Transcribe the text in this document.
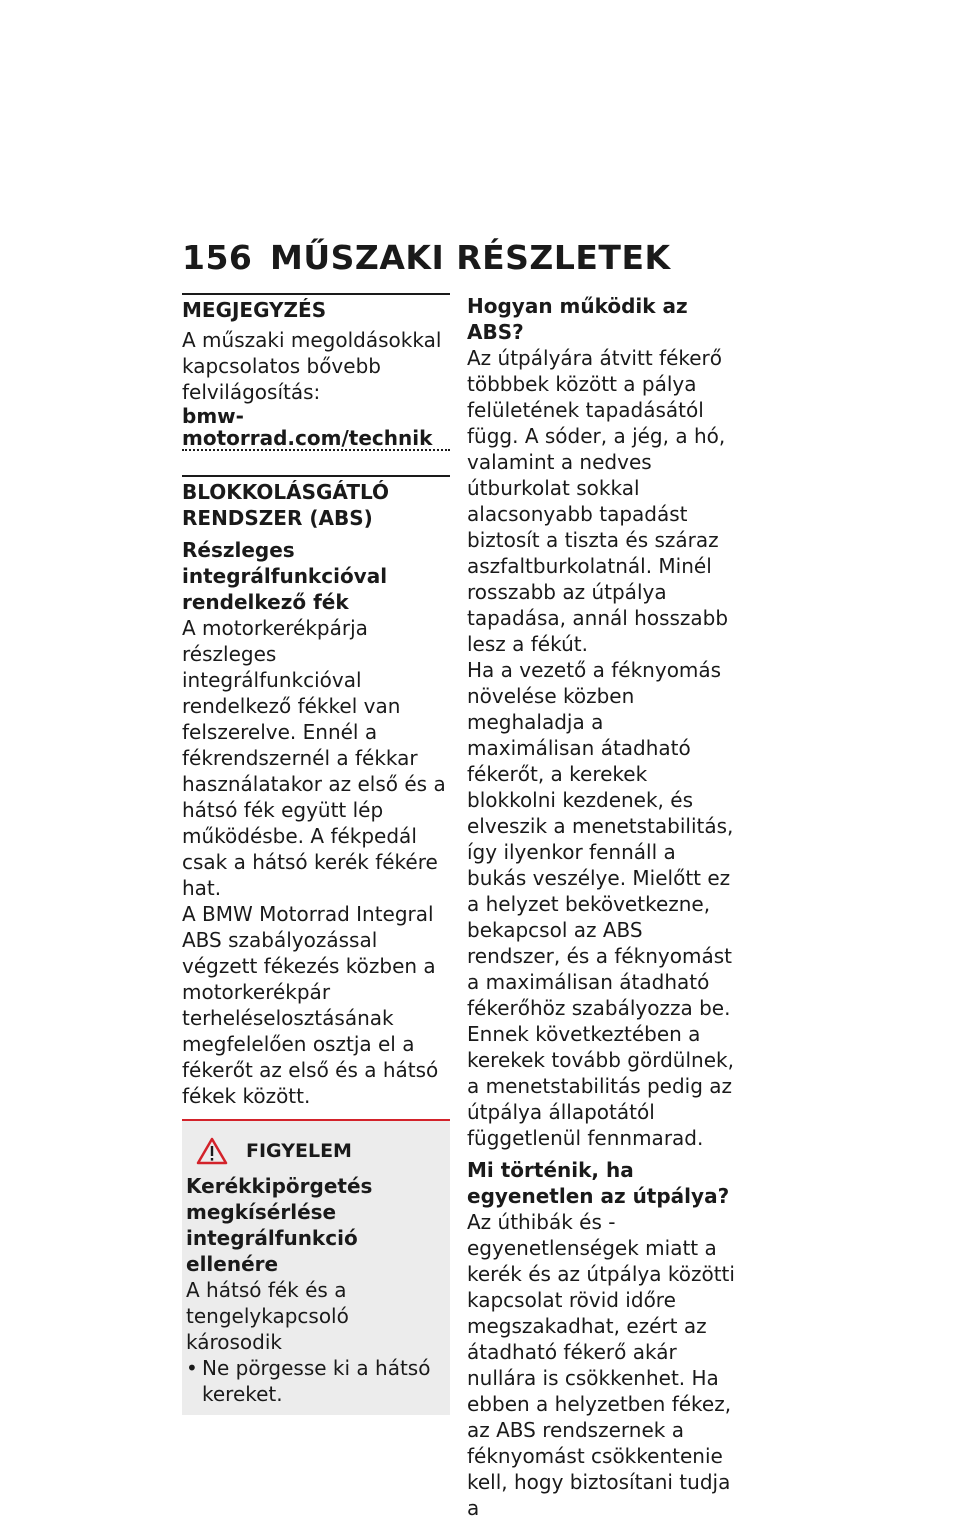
156 MŰSZAKI RÉSZLETEK
MEGJEGYZÉS

A műszaki megoldásokkal kapcsolatos bővebb felvilágosítás:

bmw-motorrad.com/technik
BLOKKOLÁSGÁTLÓ RENDSZER (ABS)
Részleges integrálfunkcióval rendelkező fék

A motorkerékpárja részleges integrálfunkcióval rendelkező fékkel van felszerelve. Ennél a fékrendszernél a fékkar használatakor az első és a hátsó fék együtt lép működésbe. A fékpedál csak a hátsó kerék fékére hat.

A BMW Motorrad Integral ABS szabályozással végzett fékezés közben a motorkerékpár terheléselosztásának megfelelően osztja el a fékerőt az első és a hátsó fékek között.

FIGYELEM
Kerékkipörgetés megkísérlése integrálfunkció ellenére

A hátsó fék és a tengelykapcsoló károsodik

• Ne pörgesse ki a hátsó kereket.
Hogyan működik az ABS?

Az útpályára átvitt fékerő többbek között a pálya felületének tapadásától függ. A sóder, a jég, a hó, valamint a nedves útburkolat sokkal alacsonyabb tapadást biztosít a tiszta és száraz aszfaltburkolatnál. Minél rosszabb az útpálya tapadása, annál hosszabb lesz a fékút.

Ha a vezető a féknyomás növelése közben meghaladja a maximálisan átadható fékerőt, a kerekek blokkolni kezdenek, és elveszik a menetstabilitás, így ilyenkor fennáll a bukás veszélye. Mielőtt ez a helyzet bekövetkezne, bekapcsol az ABS rendszer, és a féknyomást a maximálisan átadható fékerőhöz szabályozza be. Ennek következtében a kerekek tovább gördülnek, a menetstabilitás pedig az útpálya állapotától függetlenül fennmarad.

Mi történik, ha egyenetlen az útpálya?

Az úthibák és -egyenetlenségek miatt a kerék és az útpálya közötti kapcsolat rövid időre megszakadhat, ezért az átadható fékerő akár nullára is csökkenhet. Ha ebben a helyzetben fékez, az ABS rendszernek a féknyomást csökkentenie kell, hogy biztosítani tudja a
